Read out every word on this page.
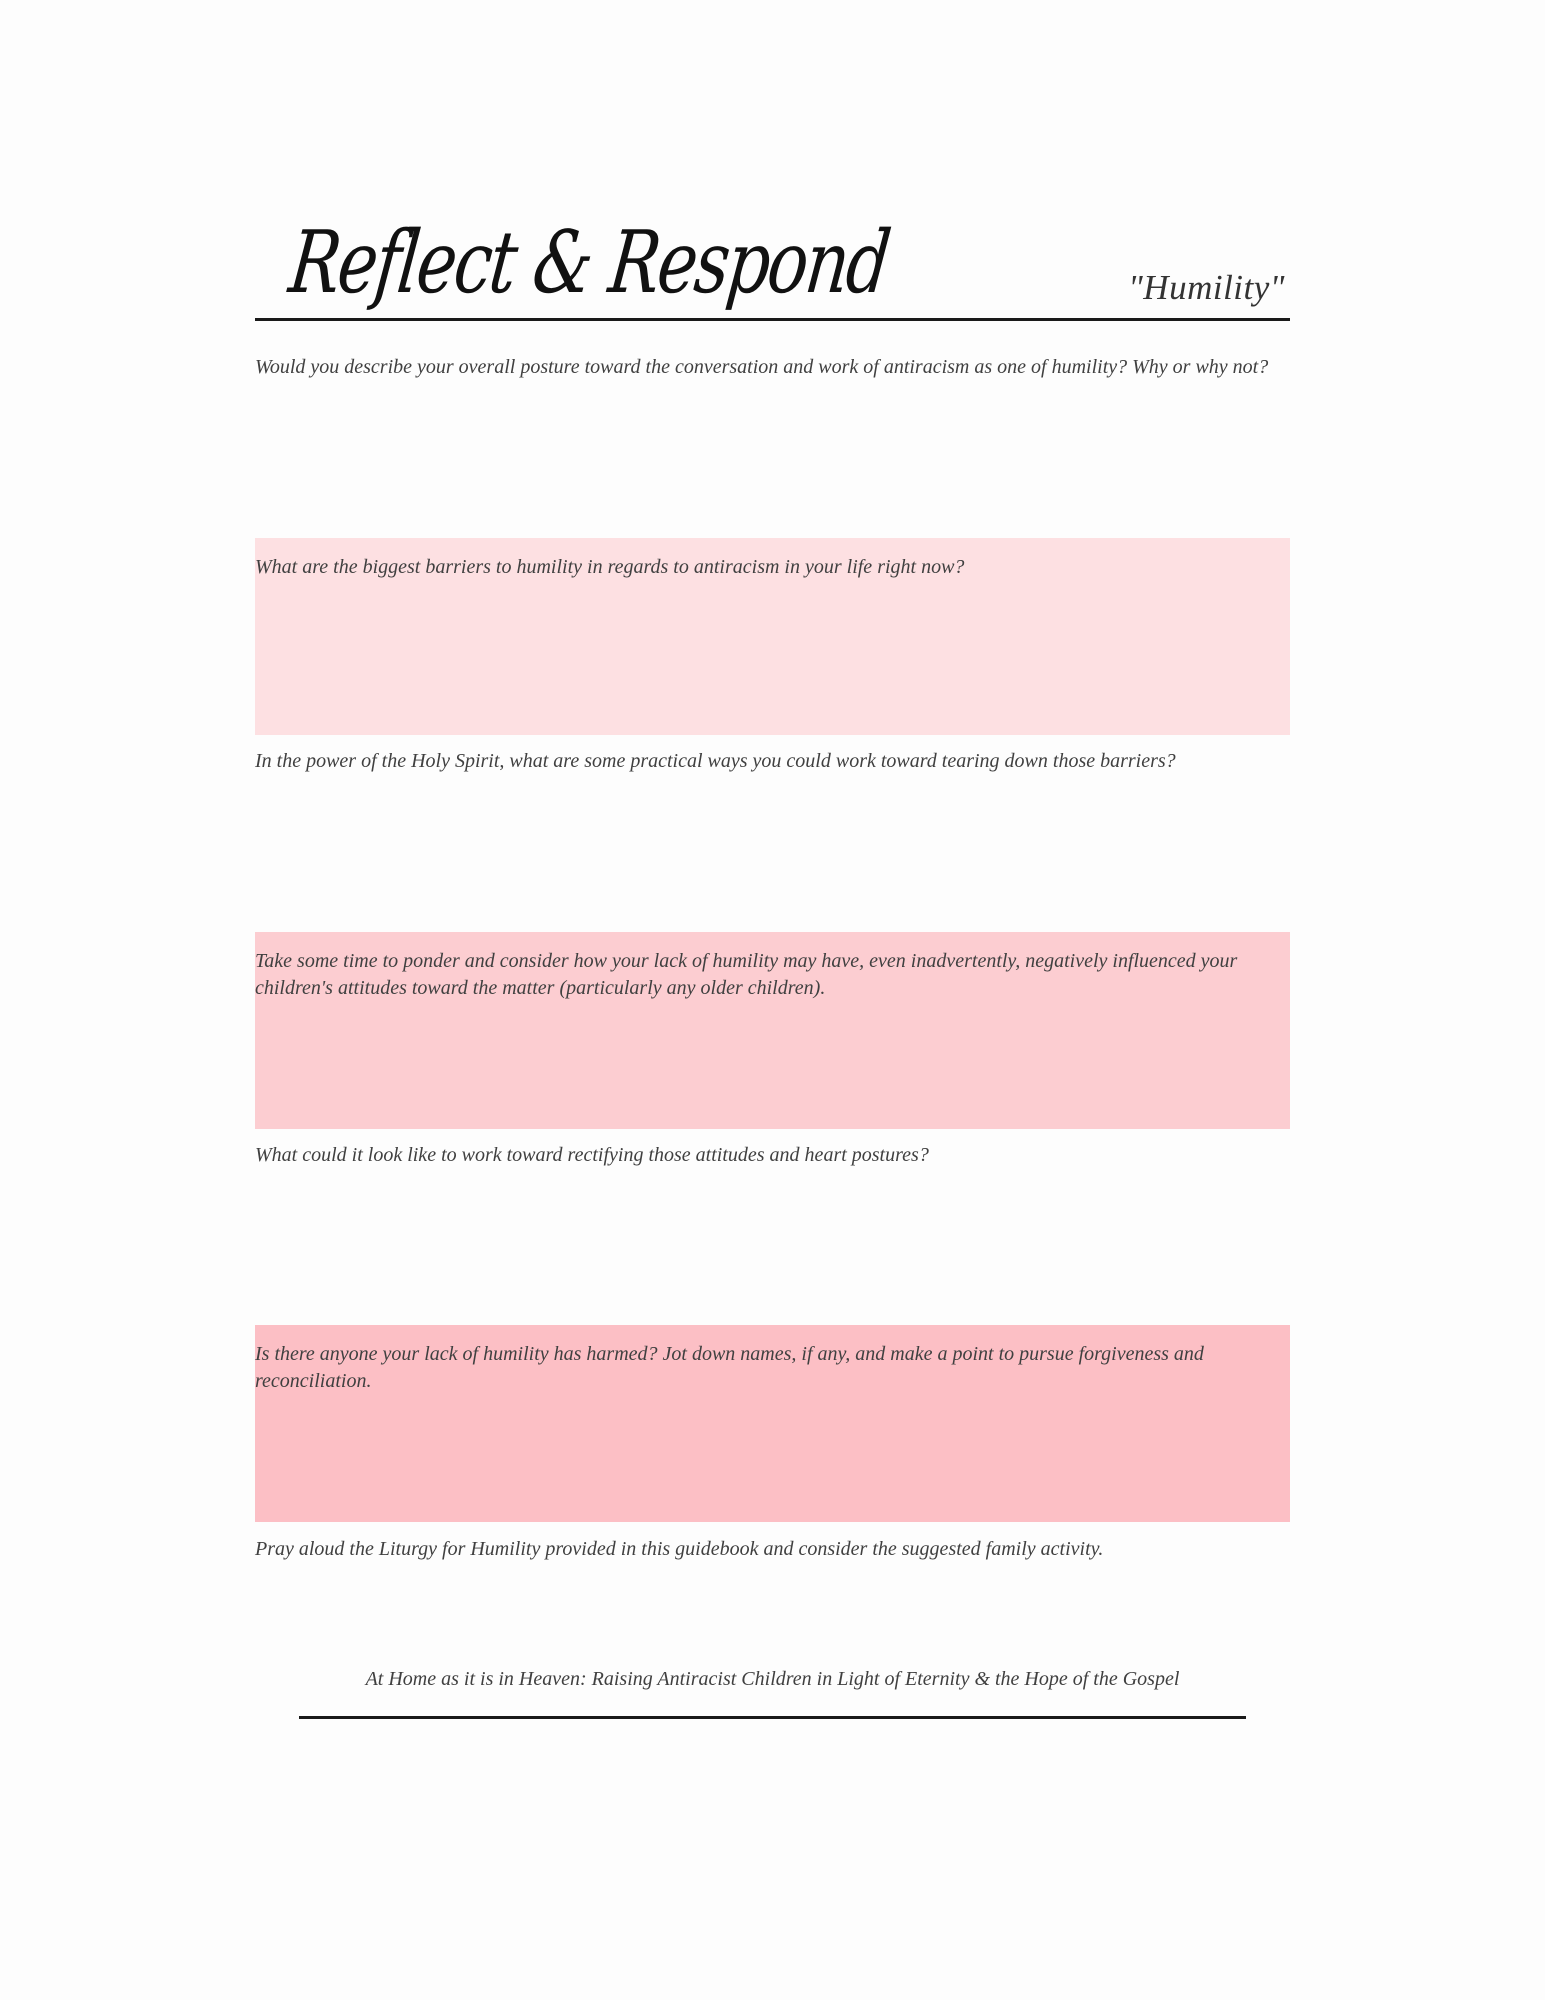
Reflect & Respond	"Humility"

Would you describe your overall posture toward the conversation and work of antiracism as one of humility? Why or why not?

What are the biggest barriers to humility in regards to antiracism in your life right now?

In the power of the Holy Spirit, what are some practical ways you could work toward tearing down those barriers?

Take some time to ponder and consider how your lack of humility may have, even inadvertently, negatively influenced your children's attitudes toward the matter (particularly any older children).

What could it look like to work toward rectifying those attitudes and heart postures?

Is there anyone your lack of humility has harmed? Jot down names, if any, and make a point to pursue forgiveness and reconciliation.

Pray aloud the Liturgy for Humility provided in this guidebook and consider the suggested family activity.

At Home as it is in Heaven: Raising Antiracist Children in Light of Eternity & the Hope of the Gospel
